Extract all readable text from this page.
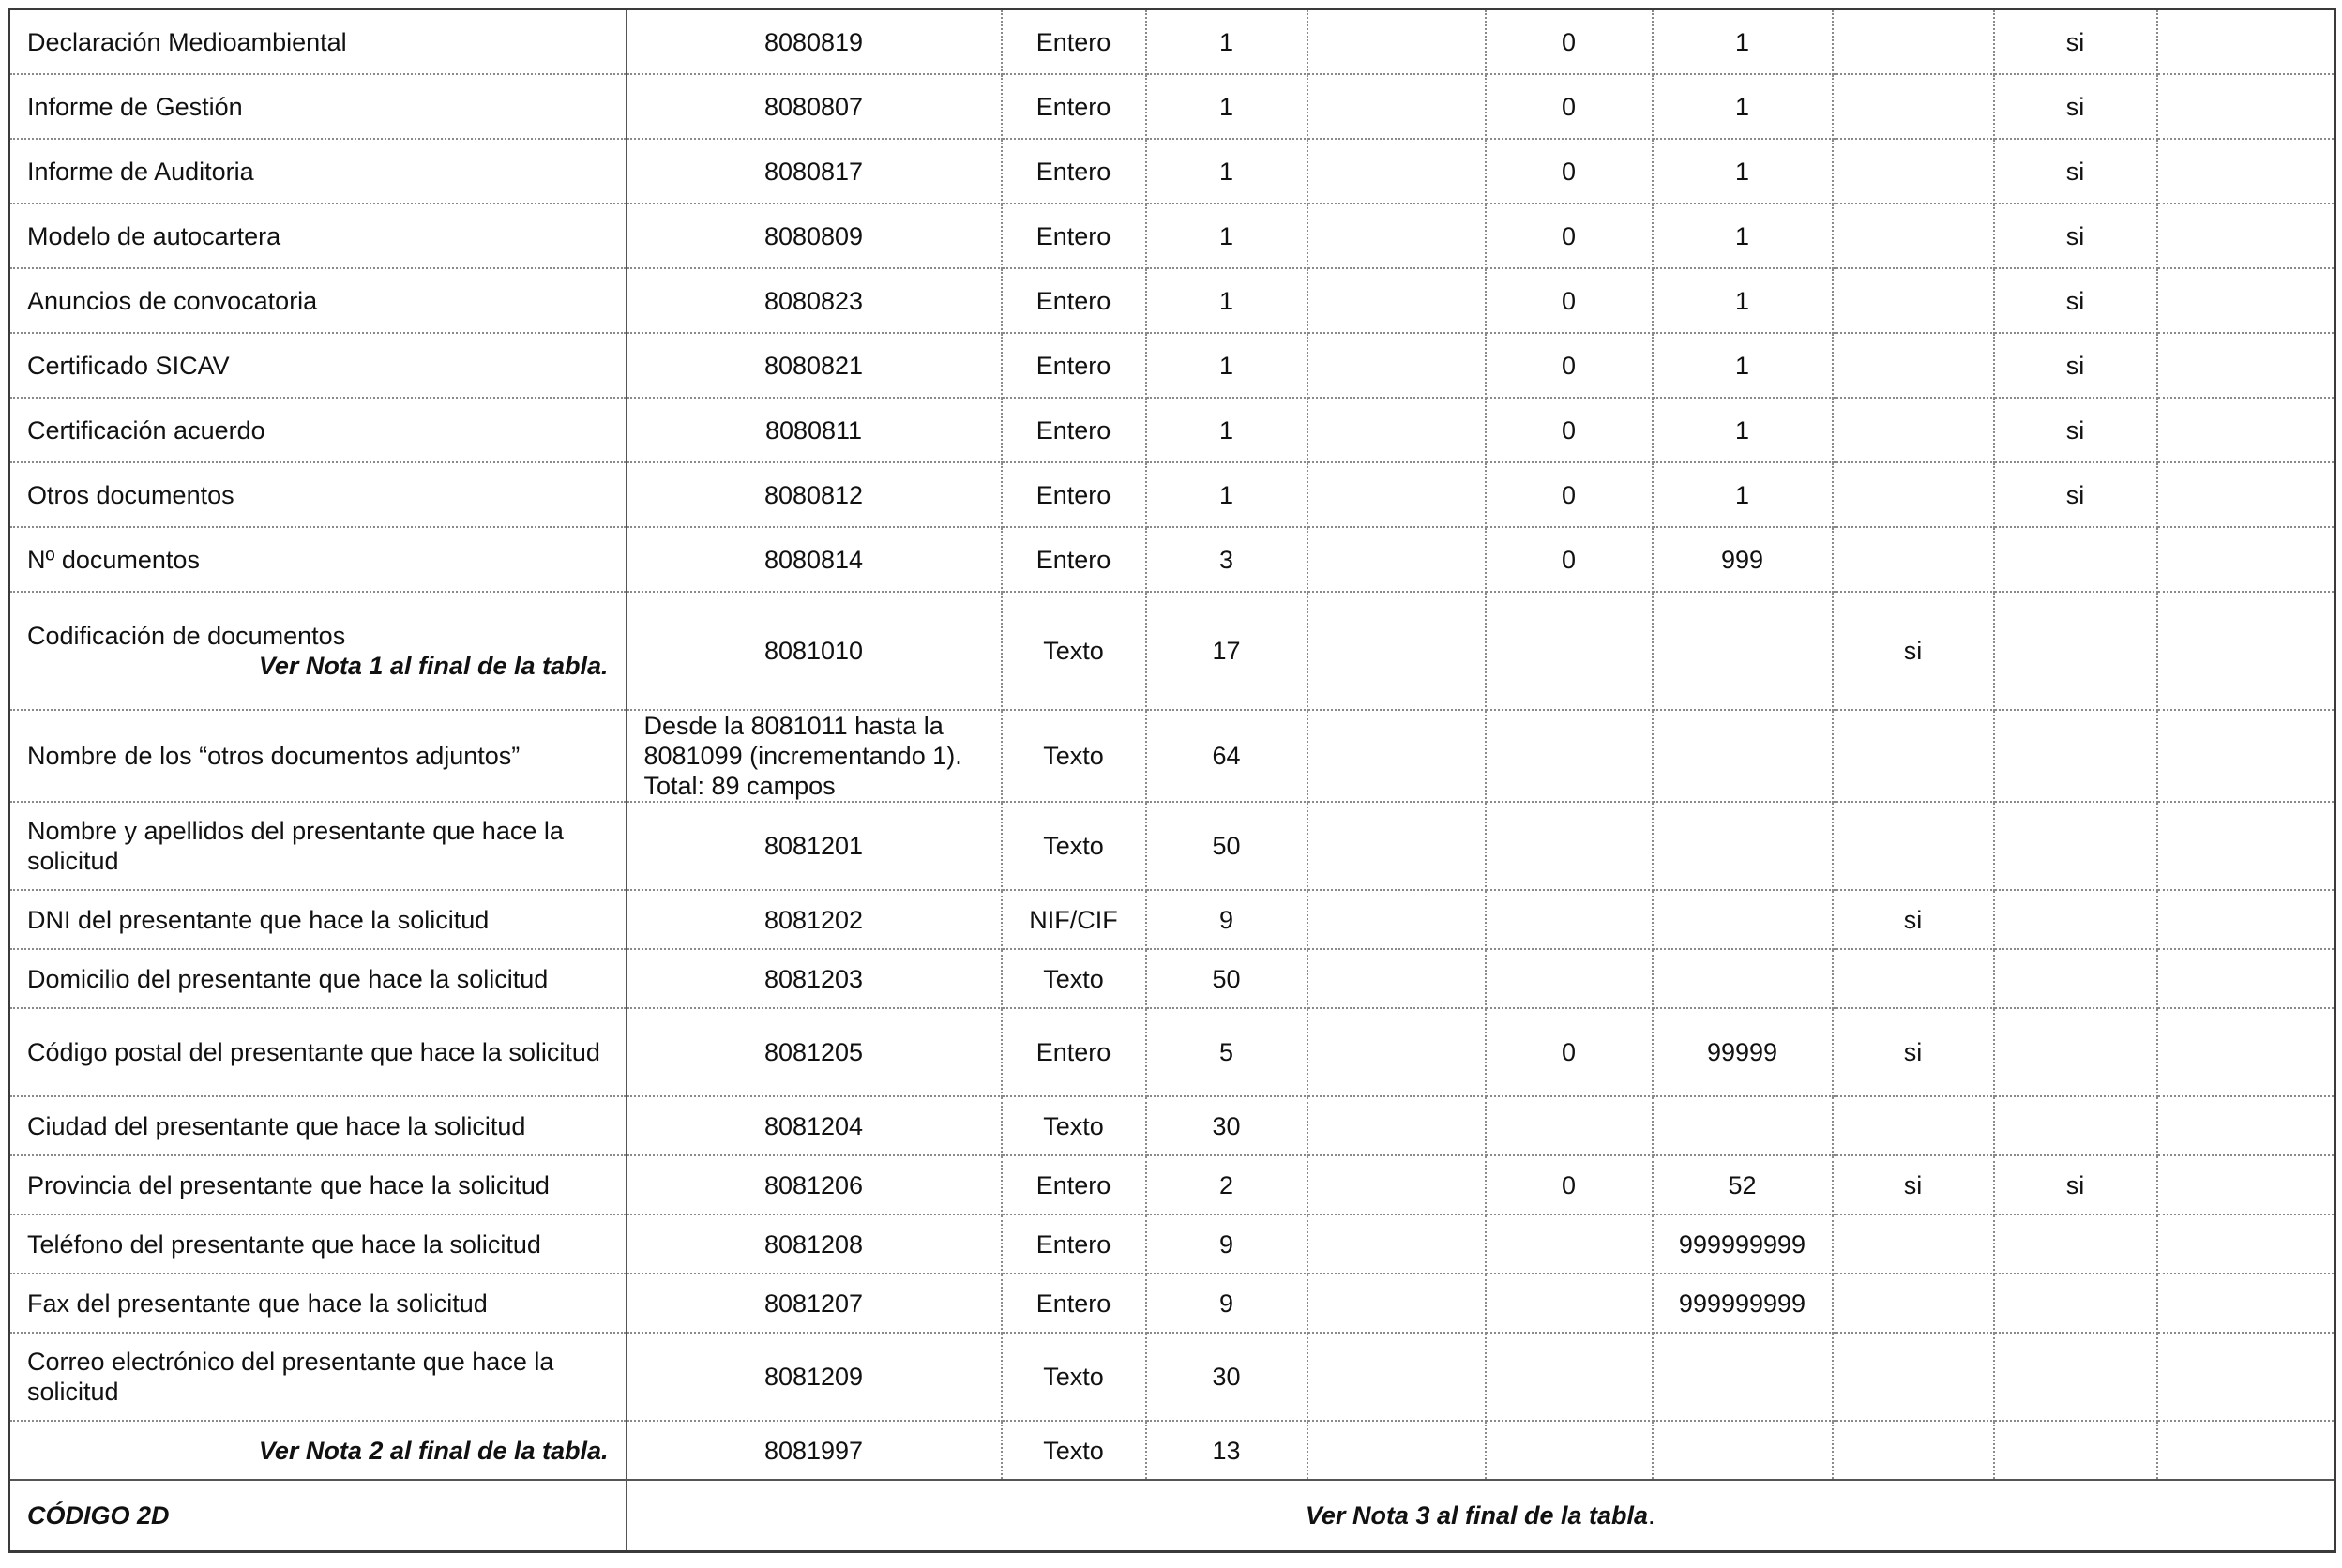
Declaración Medioambiental	8080819	Entero	1		0	1		si	
Informe de Gestión	8080807	Entero	1		0	1		si	
Informe de Auditoria	8080817	Entero	1		0	1		si	
Modelo de autocartera	8080809	Entero	1		0	1		si	
Anuncios de convocatoria	8080823	Entero	1		0	1		si	
Certificado SICAV	8080821	Entero	1		0	1		si	
Certificación acuerdo	8080811	Entero	1		0	1		si	
Otros documentos	8080812	Entero	1		0	1		si	
Nº documentos	8080814	Entero	3		0	999			
Codificación de documentos
Ver Nota 1 al final de la tabla.	8081010	Texto	17				si		
Nombre de los “otros documentos adjuntos”	Desde la 8081011 hasta la 8081099 (incrementando 1). Total: 89 campos	Texto	64						
Nombre y apellidos del presentante que hace la solicitud	8081201	Texto	50						
DNI del presentante que hace la solicitud	8081202	NIF/CIF	9				si		
Domicilio del presentante que hace la solicitud	8081203	Texto	50						
Código postal del presentante que hace la solicitud	8081205	Entero	5		0	99999	si		
Ciudad del presentante que hace la solicitud	8081204	Texto	30						
Provincia del presentante que hace la solicitud	8081206	Entero	2		0	52	si	si	
Teléfono del presentante que hace la solicitud	8081208	Entero	9			999999999			
Fax del presentante que hace la solicitud	8081207	Entero	9			999999999			
Correo electrónico del presentante que hace la solicitud	8081209	Texto	30						

Ver Nota 2 al final de la tabla.	8081997	Texto	13						
CÓDIGO 2D	Ver Nota 3 al final de la tabla.								
